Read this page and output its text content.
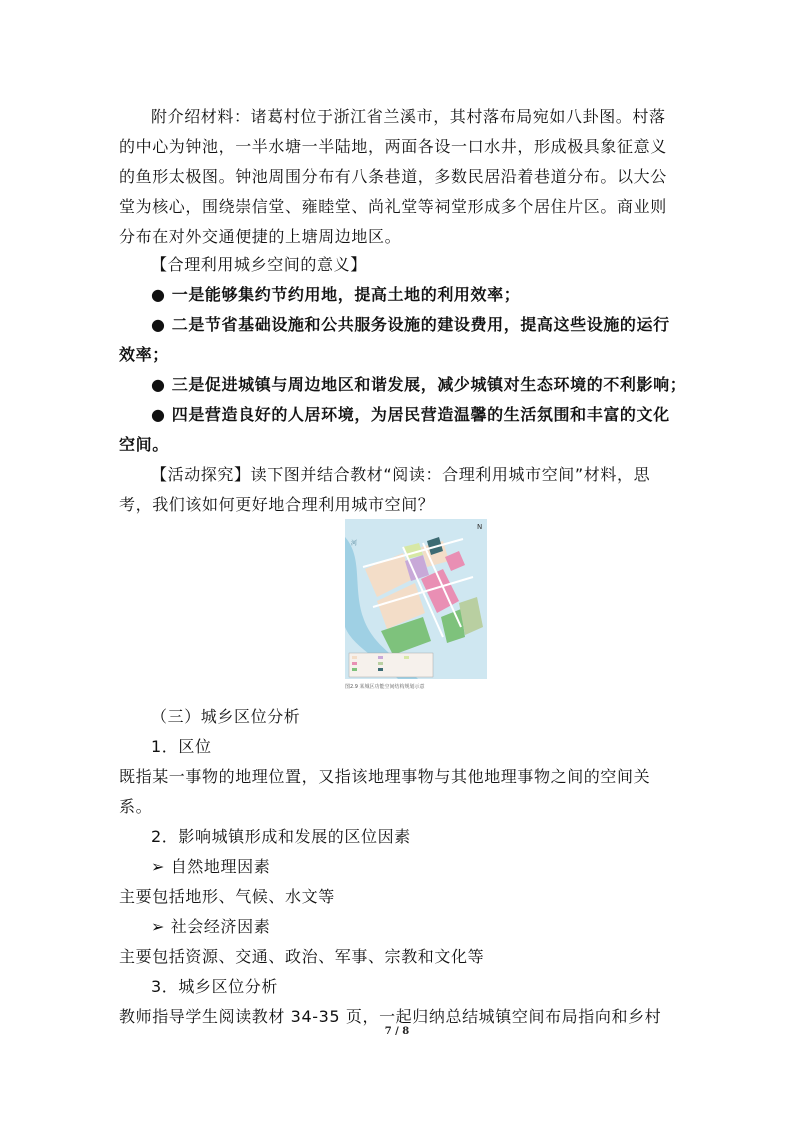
附介绍材料：诸葛村位于浙江省兰溪市，其村落布局宛如八卦图。村落的中心为钟池，一半水塘一半陆地，两面各设一口水井，形成极具象征意义的鱼形太极图。钟池周围分布有八条巷道，多数民居沿着巷道分布。以大公堂为核心，围绕崇信堂、雍睦堂、尚礼堂等祠堂形成多个居住片区。商业则分布在对外交通便捷的上塘周边地区。

【合理利用城乡空间的意义】

● 一是能够集约节约用地，提高土地的利用效率；

● 二是节省基础设施和公共服务设施的建设费用，提高这些设施的运行效率；

● 三是促进城镇与周边地区和谐发展，减少城镇对生态环境的不利影响；

● 四是营造良好的人居环境，为居民营造温馨的生活氛围和丰富的文化空间。

【活动探究】读下图并结合教材“阅读：合理利用城市空间”材料，思考，我们该如何更好地合理利用城市空间？

河
N
图2.9 某城区功能空间结构规划示意

（三）城乡区位分析

1．区位

既指某一事物的地理位置，又指该地理事物与其他地理事物之间的空间关系。

2．影响城镇形成和发展的区位因素

➢ 自然地理因素

主要包括地形、气候、水文等

➢ 社会经济因素

主要包括资源、交通、政治、军事、宗教和文化等

3．城乡区位分析

教师指导学生阅读教材 34-35 页，一起归纳总结城镇空间布局指向和乡村

7 / 8
